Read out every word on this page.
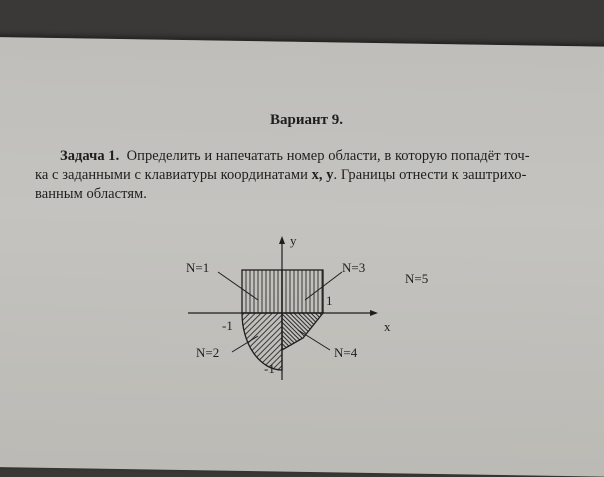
Вариант 9.
Задача 1. Определить и напечатать номер области, в которую попадёт точ-
ка с заданными с клавиатуры координатами x, y. Границы отнести к заштрихо-
ванным областям.
y
x
-1
1
-1
N=1
N=2
N=3
N=4
N=5
